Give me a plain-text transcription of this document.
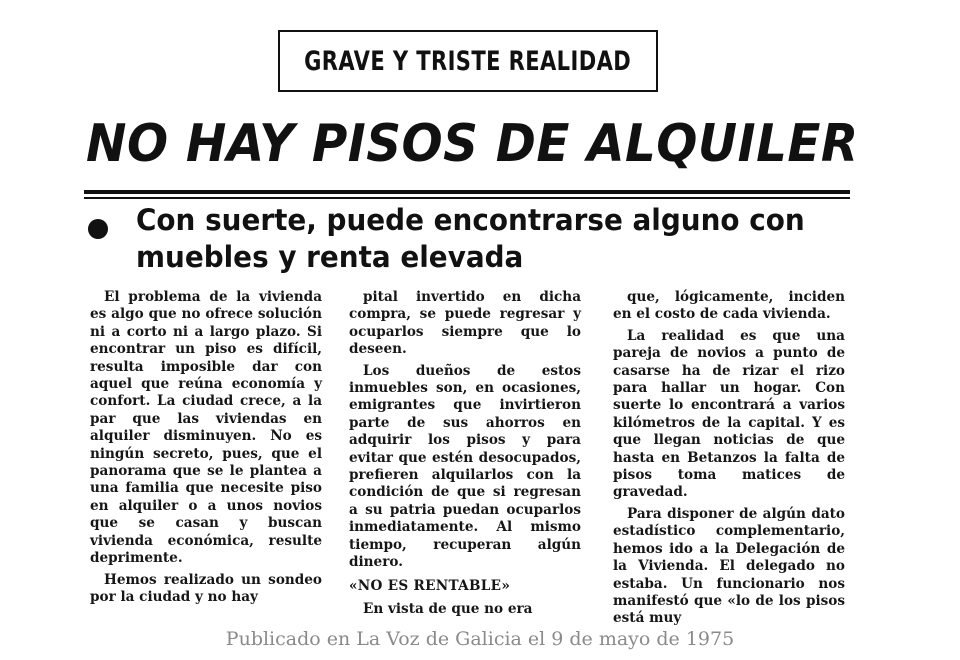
GRAVE Y TRISTE REALIDAD
NO HAY PISOS DE ALQUILER
Con suerte, puede encontrarse alguno con muebles y renta elevada

El problema de la vivienda es algo que no ofrece solución ni a corto ni a largo plazo. Si encontrar un piso es difícil, resulta imposible dar con aquel que reúna economía y confort. La ciudad crece, a la par que las viviendas en alquiler disminuyen. No es ningún secreto, pues, que el panorama que se le plantea a una familia que necesite piso en alquiler o a unos novios que se casan y buscan vivienda económica, resulte deprimente.

Hemos realizado un sondeo por la ciudad y no hay

pital invertido en dicha compra, se puede regresar y ocuparlos siempre que lo deseen.

Los dueños de estos inmuebles son, en ocasiones, emigrantes que invirtieron parte de sus ahorros en adquirir los pisos y para evitar que estén desocupados, prefieren alquilarlos con la condición de que si regresan a su patria puedan ocuparlos inmediatamente. Al mismo tiempo, recuperan algún dinero.

«NO ES RENTABLE»

En vista de que no era

que, lógicamente, inciden en el costo de cada vivienda.

La realidad es que una pareja de novios a punto de casarse ha de rizar el rizo para hallar un hogar. Con suerte lo encontrará a varios kilómetros de la capital. Y es que llegan noticias de que hasta en Betanzos la falta de pisos toma matices de gravedad.

Para disponer de algún dato estadístico complementario, hemos ido a la Delegación de la Vivienda. El delegado no estaba. Un funcionario nos manifestó que «lo de los pisos está muy

Publicado en La Voz de Galicia el 9 de mayo de 1975
